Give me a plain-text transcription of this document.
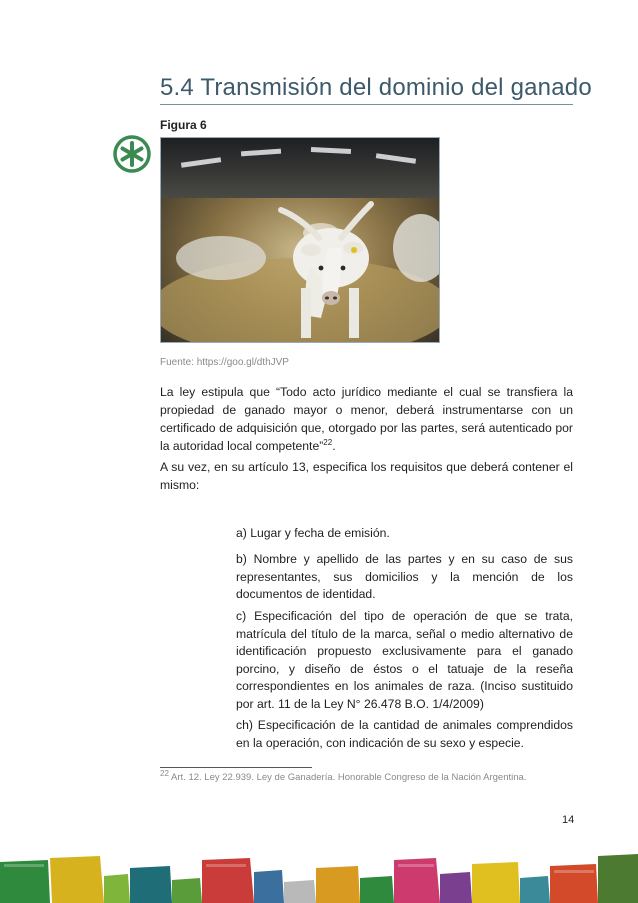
5.4 Transmisión del dominio del ganado
Figura 6
Fuente: https://goo.gl/dthJVP

La ley estipula que “Todo acto jurídico mediante el cual se transfiera la propiedad de ganado mayor o menor, deberá instrumentarse con un certificado de adquisición que, otorgado por las partes, será autenticado por la autoridad local competente”$^{22}$.

A su vez, en su artículo 13, especifica los requisitos que deberá contener el mismo:

a) Lugar y fecha de emisión.

b) Nombre y apellido de las partes y en su caso de sus representantes, sus domicilios y la mención de los documentos de identidad.

c) Especificación del tipo de operación de que se trata, matrícula del título de la marca, señal o medio alternativo de identificación propuesto exclusivamente para el ganado porcino, y diseño de éstos o el tatuaje de la reseña correspondientes en los animales de raza. (Inciso sustituido por art. 11 de la Ley N° 26.478 B.O. 1/4/2009)

ch) Especificación de la cantidad de animales comprendidos en la operación, con indicación de su sexo y especie.

$^{22}$ Art. 12. Ley 22.939. Ley de Ganadería. Honorable Congreso de la Nación Argentina.
14
